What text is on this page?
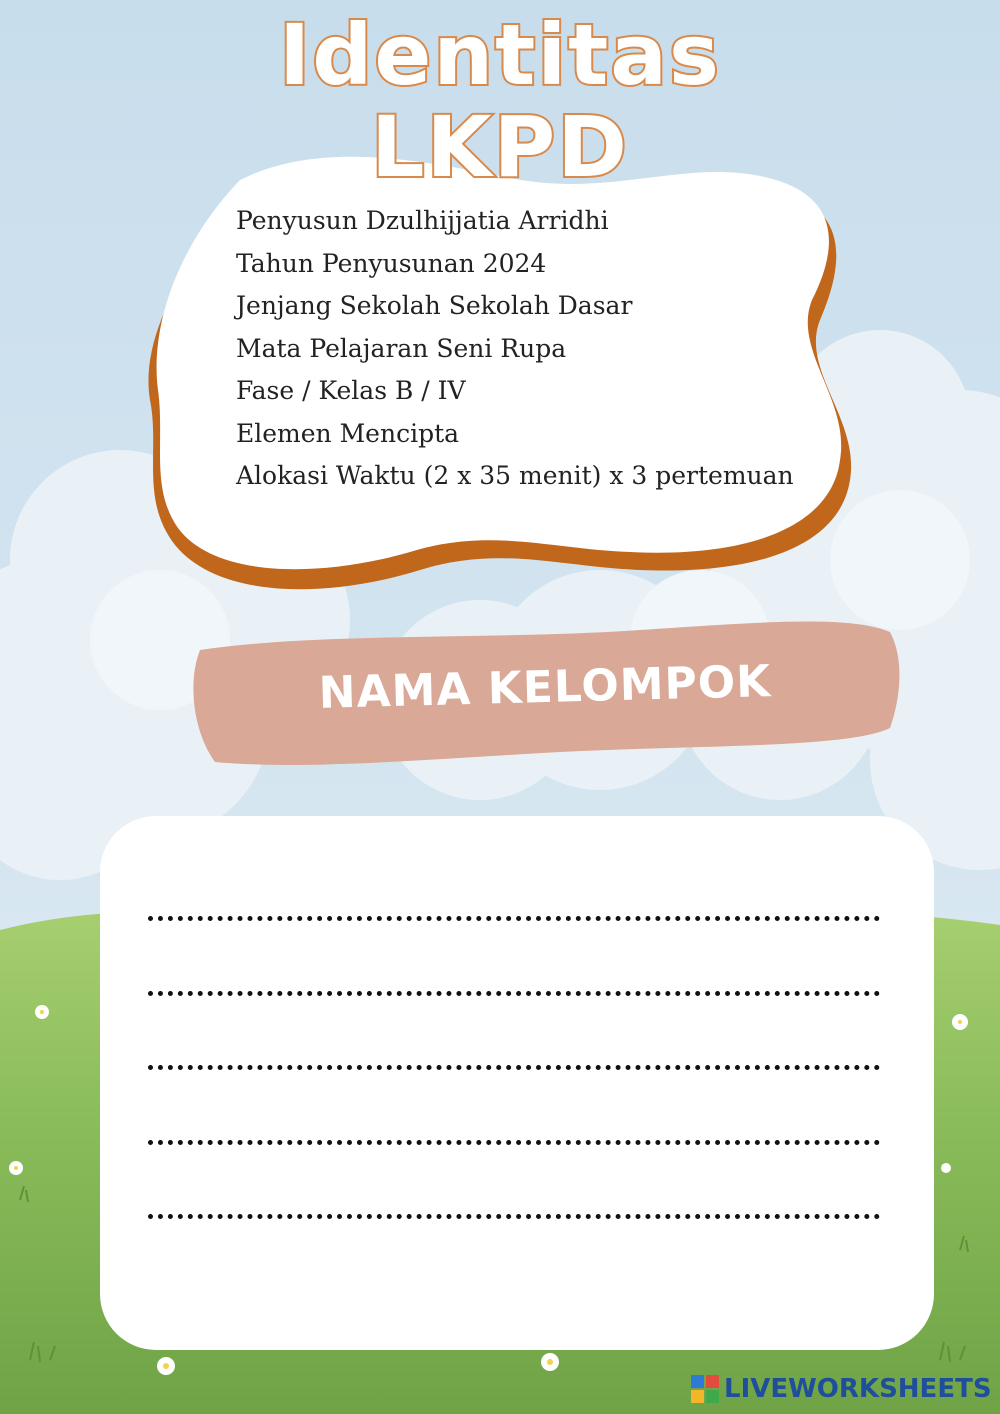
Identitas
LKPD
Penyusun Dzulhijjatia Arridhi
Tahun Penyusunan 2024
Jenjang Sekolah Sekolah Dasar
Mata Pelajaran Seni Rupa
Fase / Kelas B / IV
Elemen Mencipta
Alokasi Waktu (2 x 35 menit) x 3 pertemuan
NAMA KELOMPOK
LIVEWORKSHEETS
